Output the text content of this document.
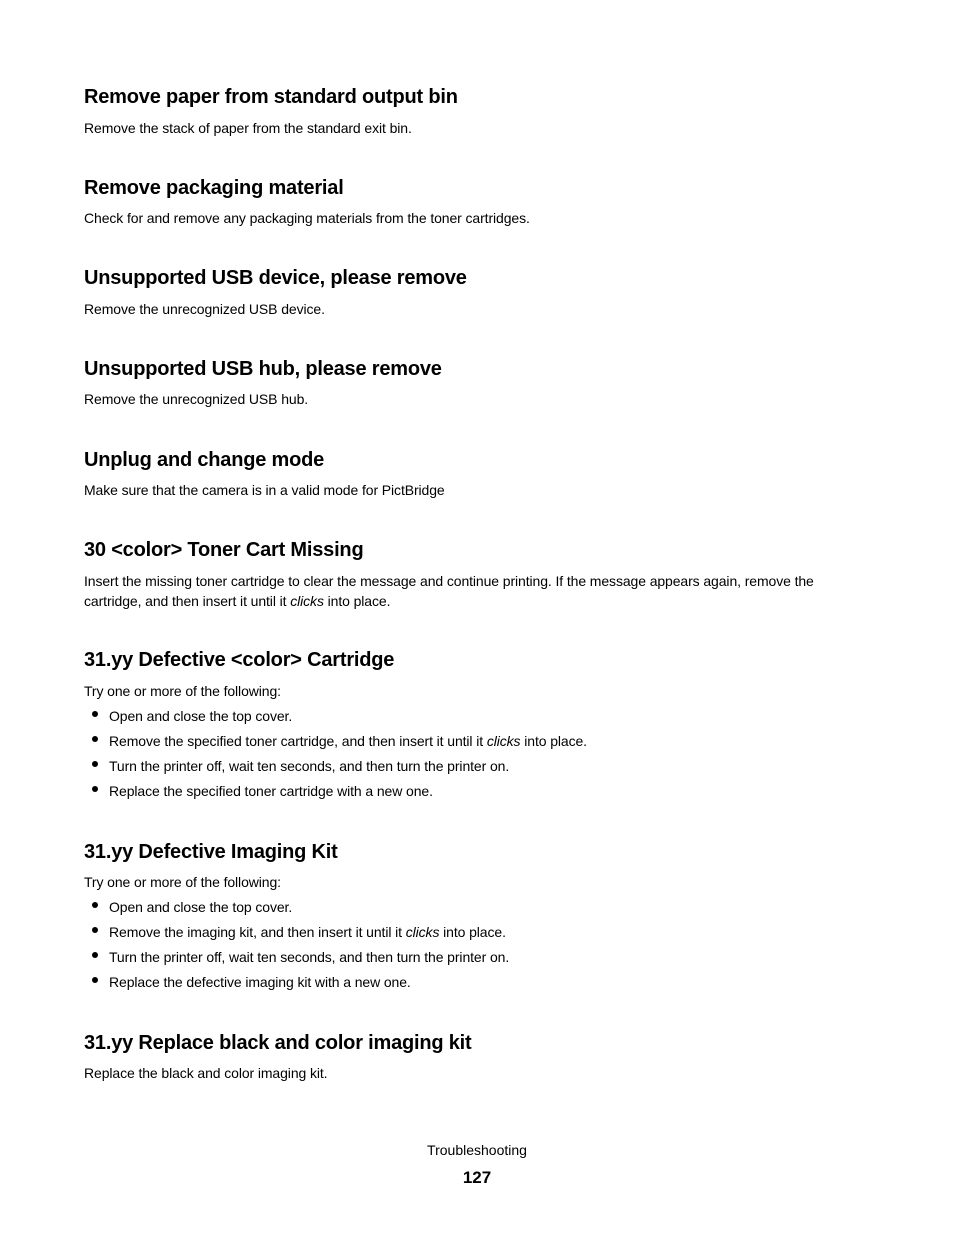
Remove paper from standard output bin

Remove the stack of paper from the standard exit bin.

Remove packaging material

Check for and remove any packaging materials from the toner cartridges.

Unsupported USB device, please remove

Remove the unrecognized USB device.

Unsupported USB hub, please remove

Remove the unrecognized USB hub.

Unplug and change mode

Make sure that the camera is in a valid mode for PictBridge

30 <color> Toner Cart Missing

Insert the missing toner cartridge to clear the message and continue printing. If the message appears again, remove the cartridge, and then insert it until it clicks into place.

31.yy Defective <color> Cartridge

Try one or more of the following:

Open and close the top cover.
Remove the specified toner cartridge, and then insert it until it clicks into place.
Turn the printer off, wait ten seconds, and then turn the printer on.
Replace the specified toner cartridge with a new one.
31.yy Defective Imaging Kit

Try one or more of the following:

Open and close the top cover.
Remove the imaging kit, and then insert it until it clicks into place.
Turn the printer off, wait ten seconds, and then turn the printer on.
Replace the defective imaging kit with a new one.
31.yy Replace black and color imaging kit

Replace the black and color imaging kit.

Troubleshooting
127
